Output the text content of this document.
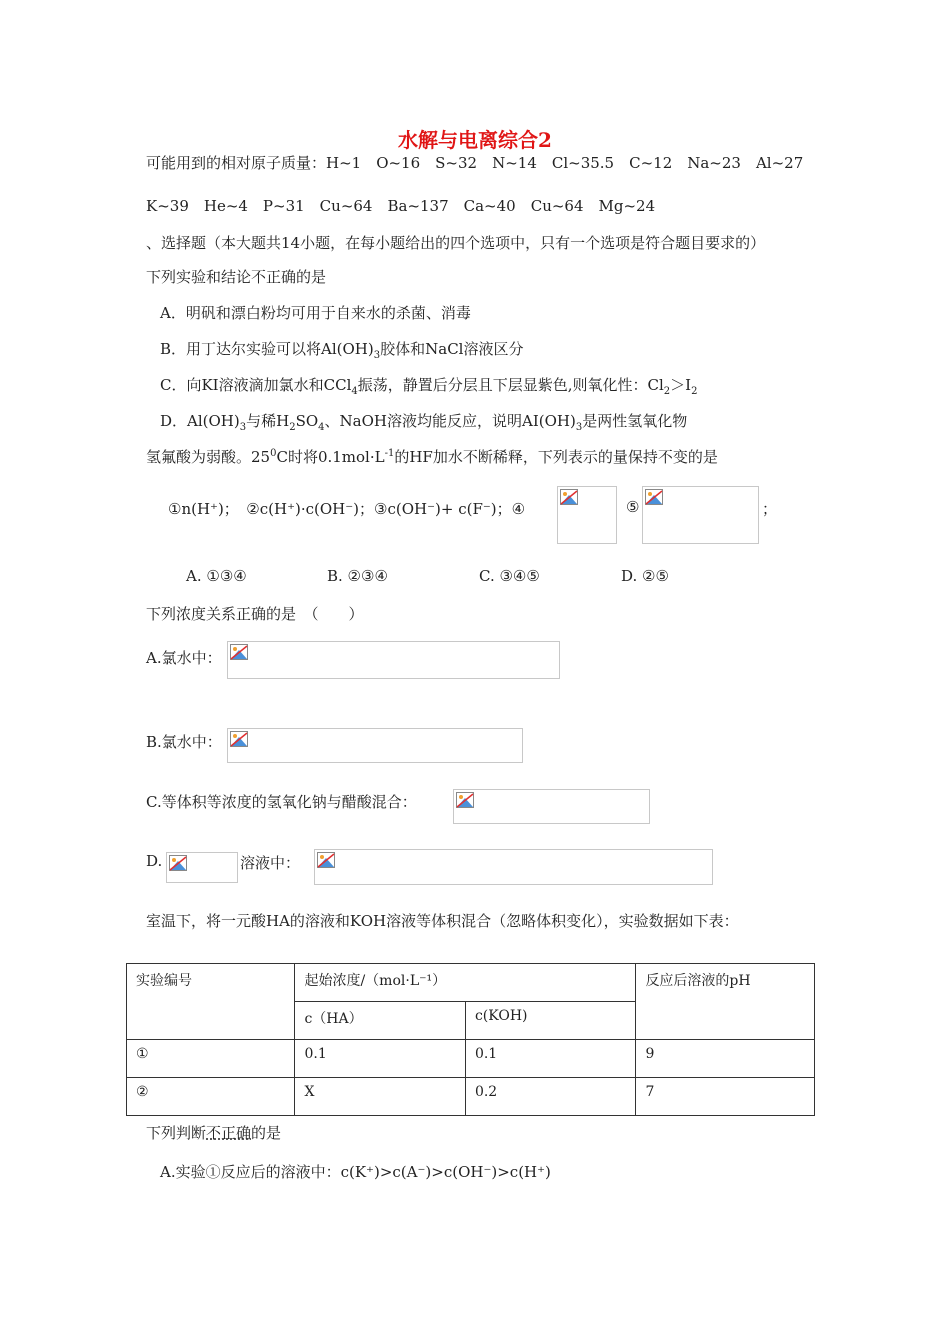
水解与电离综合2
可能用到的相对原子质量：H~1　O~16　S~32　N~14　Cl~35.5　C~12　Na~23　Al~27
K~39　He~4　P~31　Cu~64　Ba~137　Ca~40　Cu~64　Mg~24
、选择题（本大题共14小题，在每小题给出的四个选项中，只有一个选项是符合题目要求的）
下列实验和结论不正确的是
A．明矾和漂白粉均可用于自来水的杀菌、消毒
B．用丁达尔实验可以将$Al(OH)_3$胶体和NaCl溶液区分
C．向KI溶液滴加氯水和CCl$_4$振荡，静置后分层且下层显紫色,则氧化性：$Cl_2>I_2$
D．$Al(OH)_3$与稀$H_2SO_4$、NaOH溶液均能反应，说明$AI(OH)_3$是两性氢氧化物
氢氟酸为弱酸。$25^0C$时将$0.1mol\cdot L^{-1}$的HF加水不断稀释，下列表示的量保持不变的是
①n(H⁺)；　②c(H⁺)·c(OH⁻)；③c(OH⁻)+ c(F⁻)；④	⑤	；
A. ①③④	B. ②③④	C. ③④⑤	D. ②⑤
下列浓度关系正确的是　（　　）
A.氯水中：
B.氯水中：
C.等体积等浓度的氢氧化钠与醋酸混合：
D.	溶液中：
室温下，将一元酸HA的溶液和KOH溶液等体积混合（忽略体积变化），实验数据如下表：
实验编号	起始浓度/（mol·L⁻¹）		反应后溶液的pH
	c（HA）	c(KOH)	
①	0.1	0.1	9
②	X	0.2	7
下列判断不正确的是
A.实验①反应后的溶液中：c(K⁺)>c(A⁻)>c(OH⁻)>c(H⁺)
